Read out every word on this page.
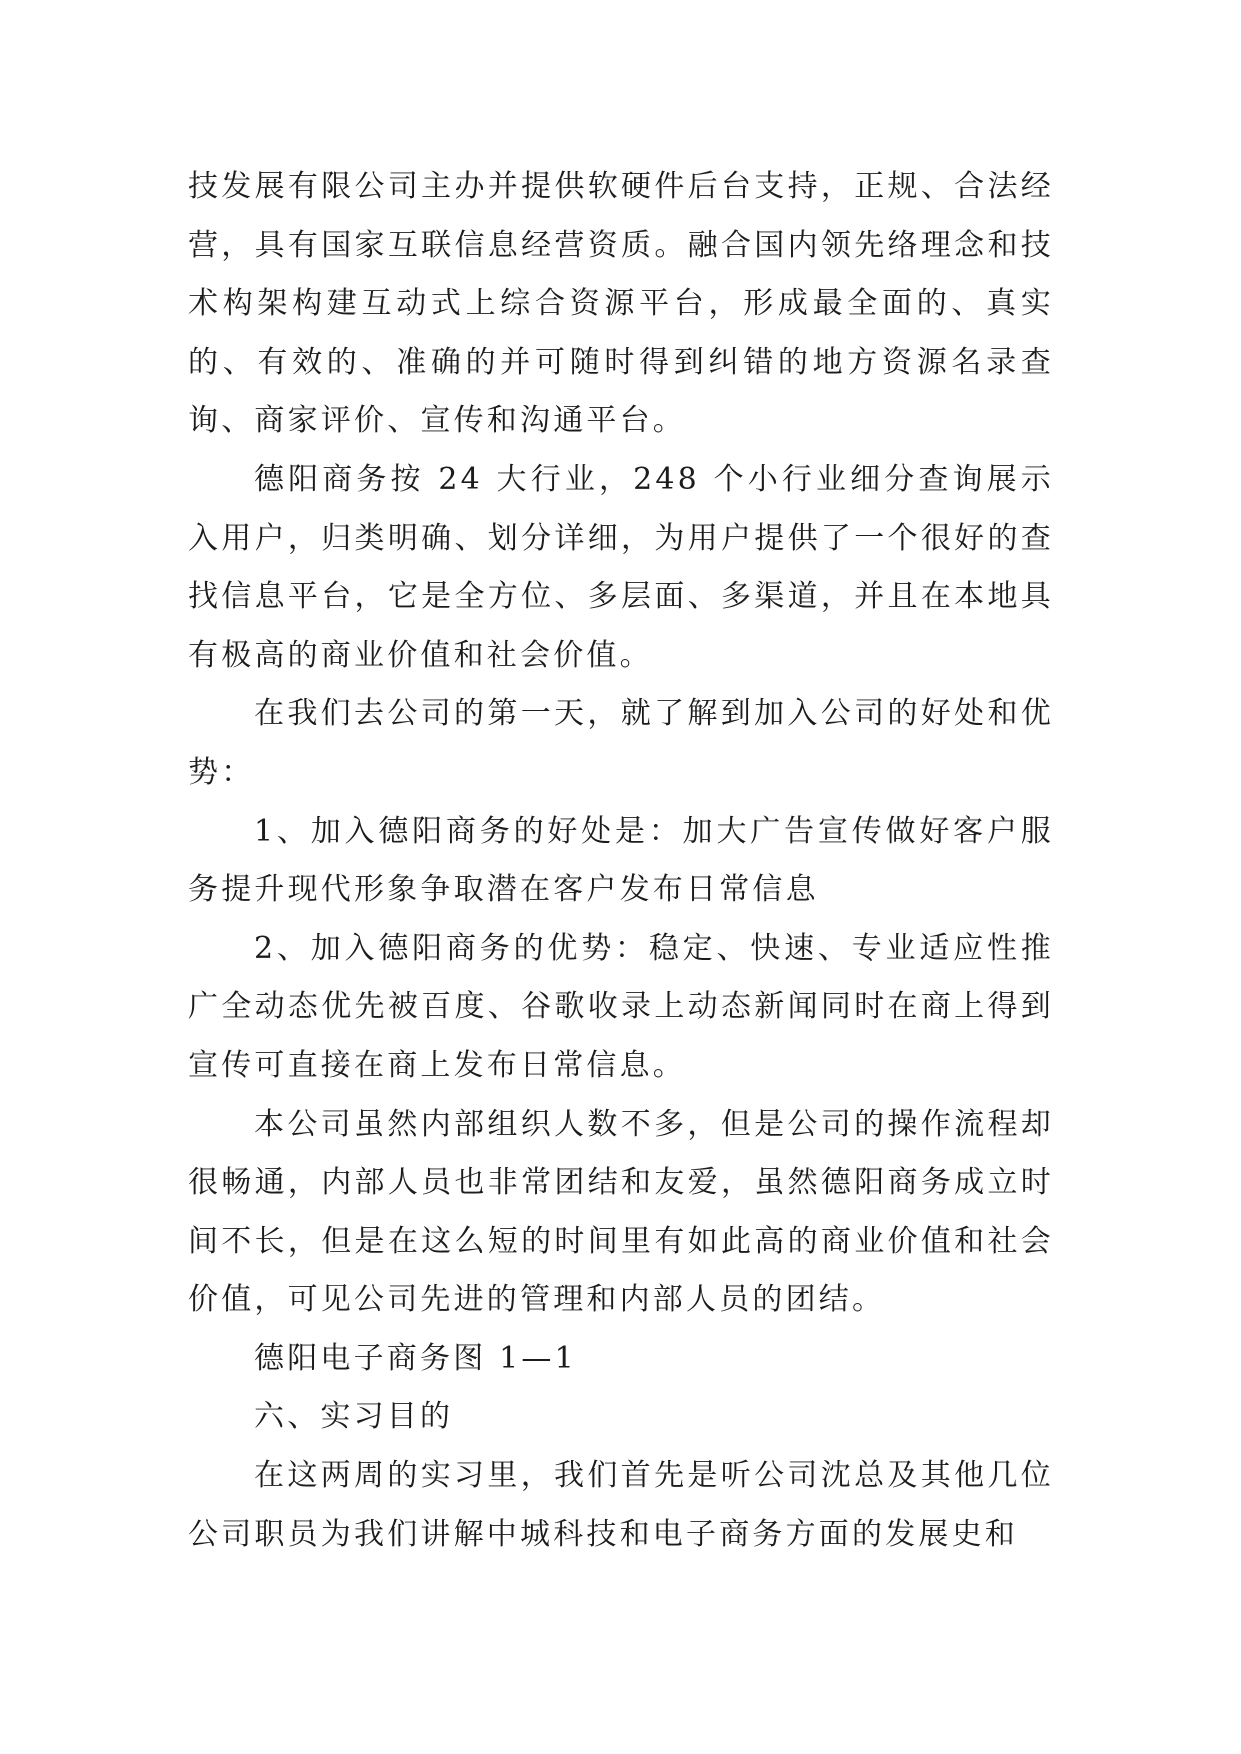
技发展有限公司主办并提供软硬件后台支持，正规、合法经营，具有国家互联信息经营资质。融合国内领先络理念和技术构架构建互动式上综合资源平台，形成最全面的、真实的、有效的、准确的并可随时得到纠错的地方资源名录查询、商家评价、宣传和沟通平台。

德阳商务按 24 大行业，248 个小行业细分查询展示入用户，归类明确、划分详细，为用户提供了一个很好的查找信息平台，它是全方位、多层面、多渠道，并且在本地具有极高的商业价值和社会价值。

在我们去公司的第一天，就了解到加入公司的好处和优势：

1、加入德阳商务的好处是：加大广告宣传做好客户服务提升现代形象争取潜在客户发布日常信息

2、加入德阳商务的优势：稳定、快速、专业适应性推广全动态优先被百度、谷歌收录上动态新闻同时在商上得到宣传可直接在商上发布日常信息。

本公司虽然内部组织人数不多，但是公司的操作流程却很畅通，内部人员也非常团结和友爱，虽然德阳商务成立时间不长，但是在这么短的时间里有如此高的商业价值和社会价值，可见公司先进的管理和内部人员的团结。

德阳电子商务图 1—1

六、实习目的

在这两周的实习里，我们首先是听公司沈总及其他几位公司职员为我们讲解中城科技和电子商务方面的发展史和
